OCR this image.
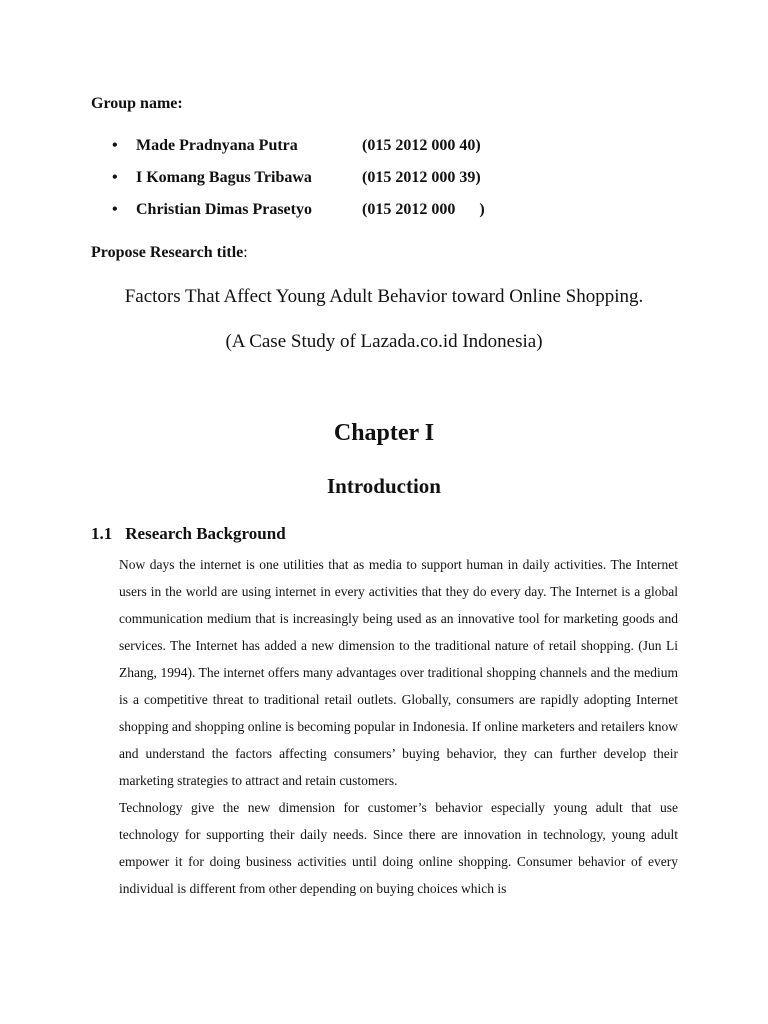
Group name:

• Made Pradnyana Putra	(015 2012 000 40)
• I Komang Bagus Tribawa	(015 2012 000 39)
• Christian Dimas Prasetyo	(015 2012 000      )

Propose Research title:

Factors That Affect Young Adult Behavior toward Online Shopping.

(A Case Study of Lazada.co.id Indonesia)

Chapter I
Introduction
1.1 Research Background

Now days the internet is one utilities that as media to support human in daily activities. The Internet users in the world are using internet in every activities that they do every day. The Internet is a global communication medium that is increasingly being used as an innovative tool for marketing goods and services. The Internet has added a new dimension to the traditional nature of retail shopping. (Jun Li Zhang, 1994). The internet offers many advantages over traditional shopping channels and the medium is a competitive threat to traditional retail outlets. Globally, consumers are rapidly adopting Internet shopping and shopping online is becoming popular in Indonesia. If online marketers and retailers know and understand the factors affecting consumers’ buying behavior, they can further develop their marketing strategies to attract and retain customers.

Technology give the new dimension for customer’s behavior especially young adult that use technology for supporting their daily needs. Since there are innovation in technology, young adult empower it for doing business activities until doing online shopping. Consumer behavior of every individual is different from other depending on buying choices which is
